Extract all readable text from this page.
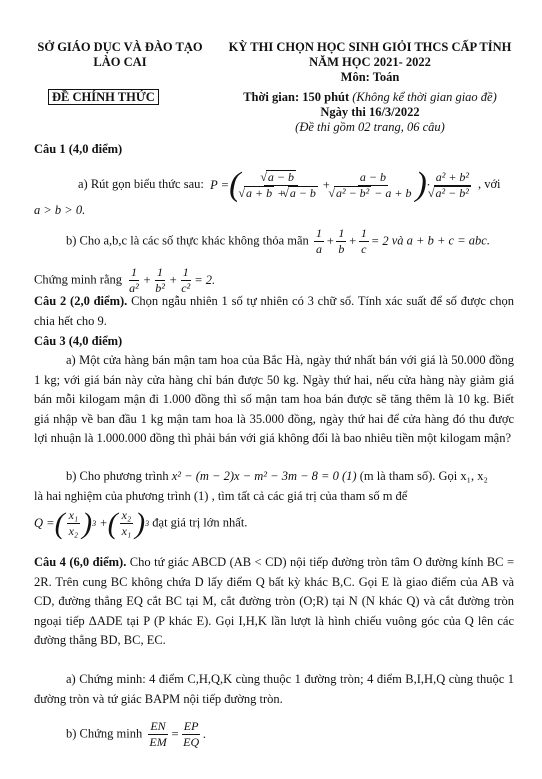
SỞ GIÁO DỤC VÀ ĐÀO TẠO
LÀO CAI
ĐỀ CHÍNH THỨC
KỲ THI CHỌN HỌC SINH GIỎI THCS CẤP TỈNH
NĂM HỌC 2021- 2022
Môn: Toán
Thời gian: 150 phút (Không kể thời gian giao đề)
Ngày thi 16/3/2022
(Đề thi gồm 02 trang, 06 câu)
Câu 1 (4,0 điểm)
a) Rút gọn biểu thức sau:  P = (
√ a − b
√ a + b + √ a − b + a − b
√ a² − b² − a + b ) · a² + b²
√ a² − b² , với
a > b > 0.
b) Cho a,b,c là các số thực khác không thỏa mãn $\frac{1}{a} + \frac{1}{b} + \frac{1}{c} = 2$ và a + b + c = abc.
Chứng minh rằng $\frac{1}{\text{a²}} + \frac{1}{\text{b²}} + \frac{1}{\text{c²}} = 2$.
Câu 2 (2,0 điểm). Chọn ngẫu nhiên 1 số tự nhiên có 3 chữ số. Tính xác suất để số được chọn chia hết cho 9.
Câu 3 (4,0 điểm)
a) Một cửa hàng bán mận tam hoa của Bắc Hà, ngày thứ nhất bán với giá là 50.000 đồng 1 kg; với giá bán này cửa hàng chỉ bán được 50 kg. Ngày thứ hai, nếu cửa hàng này giảm giá bán mỗi kilogam mận đi 1.000 đồng thì số mận tam hoa bán được sẽ tăng thêm là 10 kg. Biết giá nhập về ban đầu 1 kg mận tam hoa là 35.000 đồng, ngày thứ hai để cửa hàng đó thu được lợi nhuận là 1.000.000 đồng thì phải bán với giá không đổi là bao nhiêu tiền một kilogam mận?
b) Cho phương trình x² − (m − 2)x − m² − 3m − 8 = 0 (1) (m là tham số). Gọi x₁, x₂
là hai nghiệm của phương trình (1) , tìm tất cả các giá trị của tham số m để
Q = ( $\frac{\text{x₁}}{\text{x₂}}$ ) 3 + ( $\frac{\text{x₂}}{\text{x₁}}$ ) 3 đạt giá trị lớn nhất.
Câu 4 (6,0 điểm). Cho tứ giác ABCD (AB < CD) nội tiếp đường tròn tâm O đường kính BC = 2R. Trên cung BC không chứa D lấy điểm Q bất kỳ khác B,C. Gọi E là giao điểm của AB và CD, đường thẳng EQ cắt BC tại M, cắt đường tròn (O;R) tại N (N khác Q) và cắt đường tròn ngoại tiếp ΔADE tại P (P khác E). Gọi I,H,K lần lượt là hình chiếu vuông góc của Q lên các đường thẳng BD, BC, EC.
a) Chứng minh: 4 điểm C,H,Q,K cùng thuộc 1 đường tròn; 4 điểm B,I,H,Q cùng thuộc 1 đường tròn và tứ giác BAPM nội tiếp đường tròn.
b) Chứng minh $\frac{EN}{EM} = \frac{EP}{EQ}$ .
